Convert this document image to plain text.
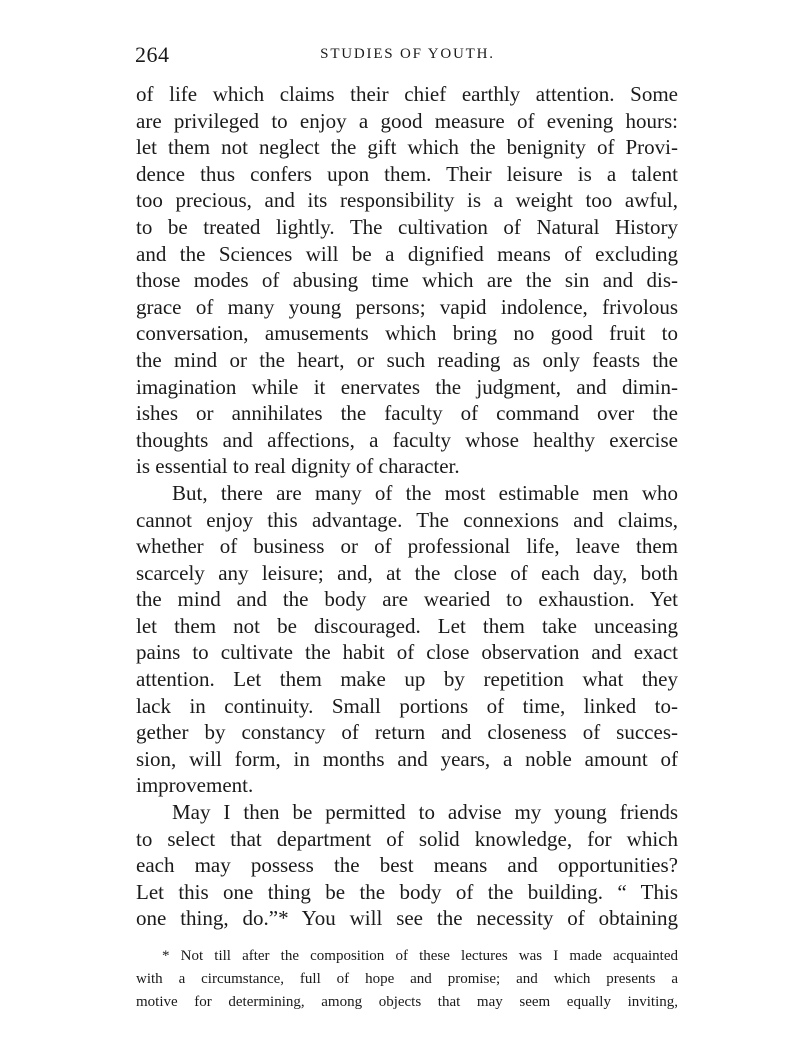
264	STUDIES OF YOUTH.
of life which claims their chief earthly attention. Some
are privileged to enjoy a good measure of evening hours:
let them not neglect the gift which the benignity of Provi-
dence thus confers upon them. Their leisure is a talent
too precious, and its responsibility is a weight too awful,
to be treated lightly. The cultivation of Natural History
and the Sciences will be a dignified means of excluding
those modes of abusing time which are the sin and dis-
grace of many young persons; vapid indolence, frivolous
conversation, amusements which bring no good fruit to
the mind or the heart, or such reading as only feasts the
imagination while it enervates the judgment, and dimin-
ishes or annihilates the faculty of command over the
thoughts and affections, a faculty whose healthy exercise
is essential to real dignity of character.
But, there are many of the most estimable men who
cannot enjoy this advantage. The connexions and claims,
whether of business or of professional life, leave them
scarcely any leisure; and, at the close of each day, both
the mind and the body are wearied to exhaustion. Yet
let them not be discouraged. Let them take unceasing
pains to cultivate the habit of close observation and exact
attention. Let them make up by repetition what they
lack in continuity. Small portions of time, linked to-
gether by constancy of return and closeness of succes-
sion, will form, in months and years, a noble amount of
improvement.
May I then be permitted to advise my young friends
to select that department of solid knowledge, for which
each may possess the best means and opportunities?
Let this one thing be the body of the building. “ This
one thing, do.”* You will see the necessity of obtaining
* Not till after the composition of these lectures was I made acquainted
with a circumstance, full of hope and promise; and which presents a
motive for determining, among objects that may seem equally inviting,
